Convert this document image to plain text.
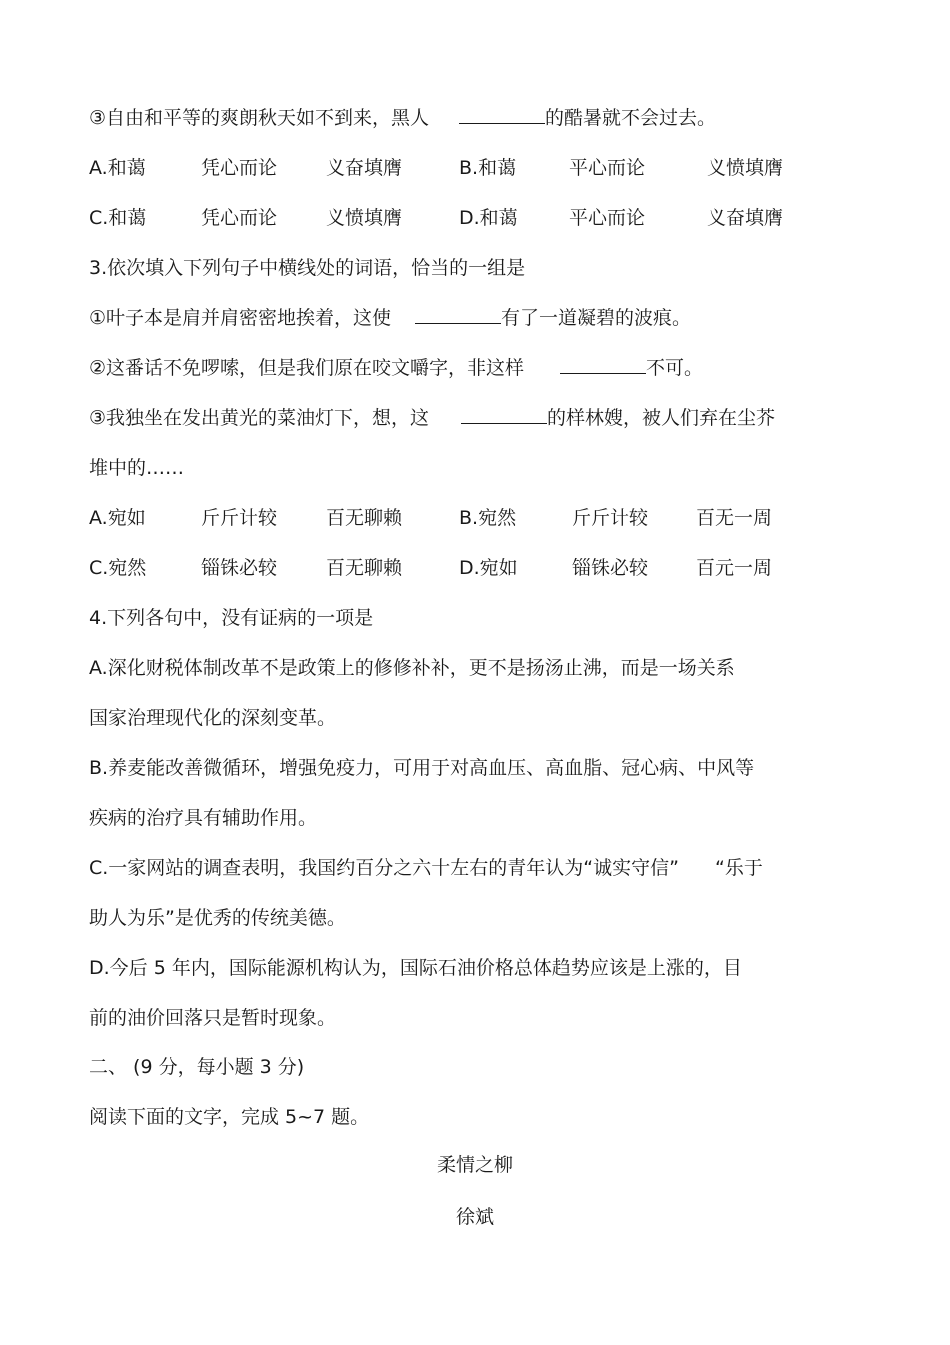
③自由和平等的爽朗秋天如不到来，黑人	的酷暑就不会过去。
A.和蔼	凭心而论	义奋填膺	B.和蔼	平心而论	义愤填膺
C.和蔼	凭心而论	义愤填膺	D.和蔼	平心而论	义奋填膺
3.依次填入下列句子中横线处的词语，恰当的一组是
①叶子本是肩并肩密密地挨着，这使	有了一道凝碧的波痕。
②这番话不免啰嗦，但是我们原在咬文嚼字，非这样	不可。
③我独坐在发出黄光的菜油灯下，想，这	的样林嫂，被人们弃在尘芥
堆中的……
A.宛如	斤斤计较	百无聊赖	B.宛然	斤斤计较	百无一周
C.宛然	锱铢必较	百无聊赖	D.宛如	锱铢必较	百元一周
4.下列各句中，没有证病的一项是
A.深化财税体制改革不是政策上的修修补补，更不是扬汤止沸，而是一场关系
国家治理现代化的深刻变革。
B.养麦能改善微循环，增强免疫力，可用于对高血压、高血脂、冠心病、中风等
疾病的治疗具有辅助作用。
C.一家网站的调查表明，我国约百分之六十左右的青年认为“诚实守信” “乐于
助人为乐”是优秀的传统美德。
D.今后 5 年内，国际能源机构认为，国际石油价格总体趋势应该是上涨的，目
前的油价回落只是暂时现象。
二、 (9 分，每小题 3 分)
阅读下面的文字，完成 5~7 题。
柔情之柳
徐斌
